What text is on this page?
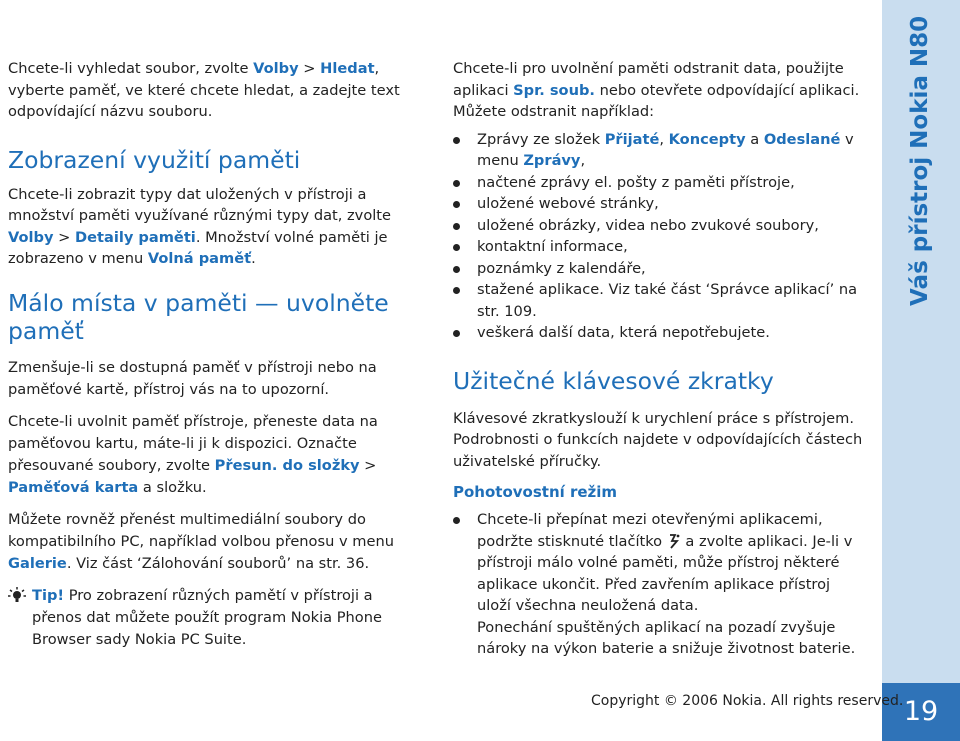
Chcete-li vyhledat soubor, zvolte Volby > Hledat, vyberte paměť, ve které chcete hledat, a zadejte text odpovídající názvu souboru.

Zobrazení využití paměti

Chcete-li zobrazit typy dat uložených v přístroji a množství paměti využívané různými typy dat, zvolte Volby > Detaily paměti. Množství volné paměti je zobrazeno v menu Volná paměť.

Málo místa v paměti — uvolněte paměť

Zmenšuje-li se dostupná paměť v přístroji nebo na paměťové kartě, přístroj vás na to upozorní.

Chcete-li uvolnit paměť přístroje, přeneste data na paměťovou kartu, máte-li ji k dispozici. Označte přesouvané soubory, zvolte Přesun. do složky > Paměťová karta a složku.

Můžete rovněž přenést multimediální soubory do kompatibilního PC, například volbou přenosu v menu Galerie. Viz část ‘Zálohování souborů’ na str. 36.

Tip! Pro zobrazení různých pamětí v přístroji a přenos dat můžete použít program Nokia Phone Browser sady Nokia PC Suite.

Chcete-li pro uvolnění paměti odstranit data, použijte aplikaci Spr. soub. nebo otevřete odpovídající aplikaci. Můžete odstranit například:

Zprávy ze složek Přijaté, Koncepty a Odeslané v menu Zprávy,
načtené zprávy el. pošty z paměti přístroje,
uložené webové stránky,
uložené obrázky, videa nebo zvukové soubory,
kontaktní informace,
poznámky z kalendáře,
stažené aplikace. Viz také část ‘Správce aplikací’ na str. 109.
veškerá další data, která nepotřebujete.
Užitečné klávesové zkratky

Klávesové zkratkyslouží k urychlení práce s přístrojem. Podrobnosti o funkcích najdete v odpovídajících částech uživatelské příručky.

Pohotovostní režim
Chcete-li přepínat mezi otevřenými aplikacemi, podržte stisknuté tlačítko  a zvolte aplikaci. Je-li v přístroji málo volné paměti, může přístroj některé aplikace ukončit. Před zavřením aplikace přístroj uloží všechna neuložená data.
Ponechání spuštěných aplikací na pozadí zvyšuje nároky na výkon baterie a snižuje životnost baterie.
Váš přístroj Nokia N80
19
Copyright © 2006 Nokia. All rights reserved.
